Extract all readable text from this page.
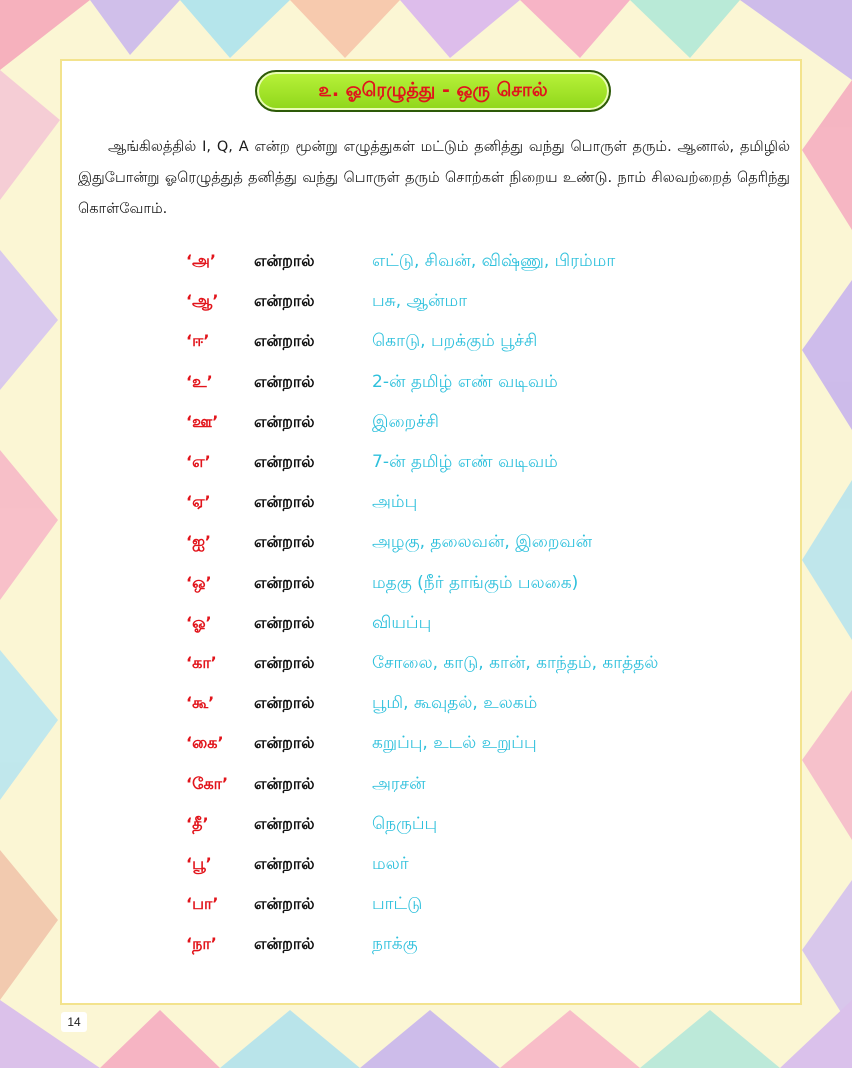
௨. ஓரெழுத்து - ஒரு சொல்
ஆங்கிலத்தில் I, Q, A என்ற மூன்று எழுத்துகள் மட்டும் தனித்து வந்து பொருள் தரும். ஆனால், தமிழில் இதுபோன்று ஓரெழுத்துத் தனித்து வந்து பொருள் தரும் சொற்கள் நிறைய உண்டு. நாம் சிலவற்றைத் தெரிந்து கொள்வோம்.
‘அ’ என்றால்	எட்டு, சிவன், விஷ்ணு, பிரம்மா
‘ஆ’ என்றால்	பசு, ஆன்மா
‘ஈ’	என்றால்	கொடு, பறக்கும் பூச்சி
‘உ’	என்றால்	2-ன் தமிழ் எண் வடிவம்
‘ஊ’ என்றால்	இறைச்சி
‘எ’	என்றால்	7-ன் தமிழ் எண் வடிவம்
‘ஏ’	என்றால்	அம்பு
‘ஐ’	என்றால்	அழகு, தலைவன், இறைவன்
‘ஒ’	என்றால்	மதகு (நீர் தாங்கும் பலகை)
‘ஓ’	என்றால்	வியப்பு
‘கா’ என்றால்	சோலை, காடு, கான், காந்தம், காத்தல்
‘கூ’ என்றால்	பூமி, கூவுதல், உலகம்
‘கை’ என்றால்	கறுப்பு, உடல் உறுப்பு
‘கோ’ என்றால்	அரசன்
‘தீ’	என்றால்	நெருப்பு
‘பூ’	என்றால்	மலர்
‘பா’ என்றால்	பாட்டு
‘நா’ என்றால்	நாக்கு
14
